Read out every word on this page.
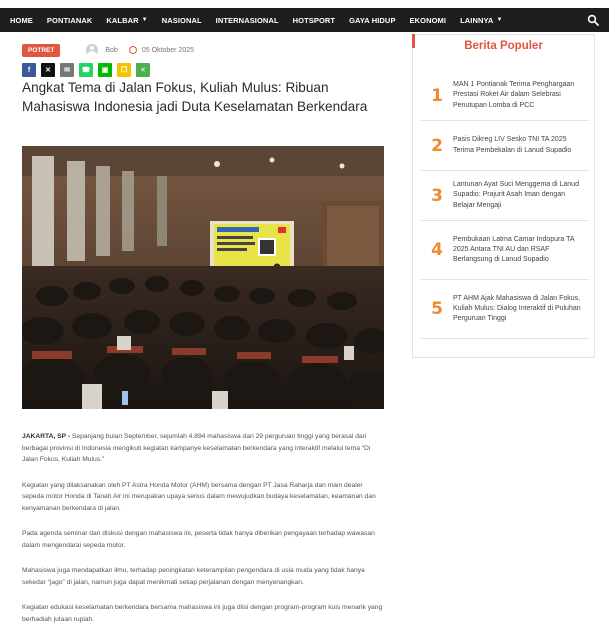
HOME PONTIANAK KALBAR ▼ NASIONAL INTERNASIONAL HOTSPORT GAYA HIDUP EKONOMI LAINNYA ▼
POTRET	Bob	05 Oktober 2025
f	✕	✉	☎	▣	❐	<
Angkat Tema di Jalan Fokus, Kuliah Mulus: Ribuan Mahasiswa Indonesia jadi Duta Keselamatan Berkendara

JAKARTA, SP - Sepanjang bulan September, sejumlah 4.894 mahasiswa dari 29 perguruan tinggi yang berasal dari berbagai provinsi di Indonesia mengikuti kegiatan kampanye keselamatan berkendara yang interaktif melalui tema “Di Jalan Fokus, Kuliah Mulus.”

Kegiatan yang dilaksanakan oleh PT Astra Honda Motor (AHM) bersama dengan PT Jasa Raharja dan main dealer sepeda motor Honda di Tanah Air ini merupakan upaya serius dalam mewujudkan budaya keselamatan, keamanan dan kenyamanan berkendara di jalan.

Pada agenda seminar dan diskusi dengan mahasiswa ini, peserta tidak hanya diberikan pengayaan terhadap wawasan dalam mengendarai sepeda motor.

Mahasiswa juga mendapatkan ilmu, terhadap peningkatan keterampilan pengendara di usia muda yang tidak hanya sekedar “jago” di jalan, namun juga dapat menikmati setiap perjalanan dengan menyenangkan.

Kegiatan edukasi keselamatan berkendara bersama mahasiswa ini juga diisi dengan program-program kuis menarik yang berhadiah jutaan rupiah.

Berita Populer
1
MAN 1 Pontianak Terima Penghargaan Prestasi Roket Air dalam Selebrasi Penutupan Lomba di PCC
2	Pasis Dikreg LIV Sesko TNI TA 2025 Terima Pembekalan di Lanud Supadio
3
Lantunan Ayat Suci Menggema di Lanud Supadio: Prajurit Asah Iman dengan Belajar Mengaji
4
Pembukaan Latma Camar Indopura TA 2025 Antara TNI AU dan RSAF Berlangsung di Lanud Supadio
5
PT AHM Ajak Mahasiswa di Jalan Fokus, Kuliah Mulus: Dialog Interaktif di Puluhan Perguruan Tinggi
